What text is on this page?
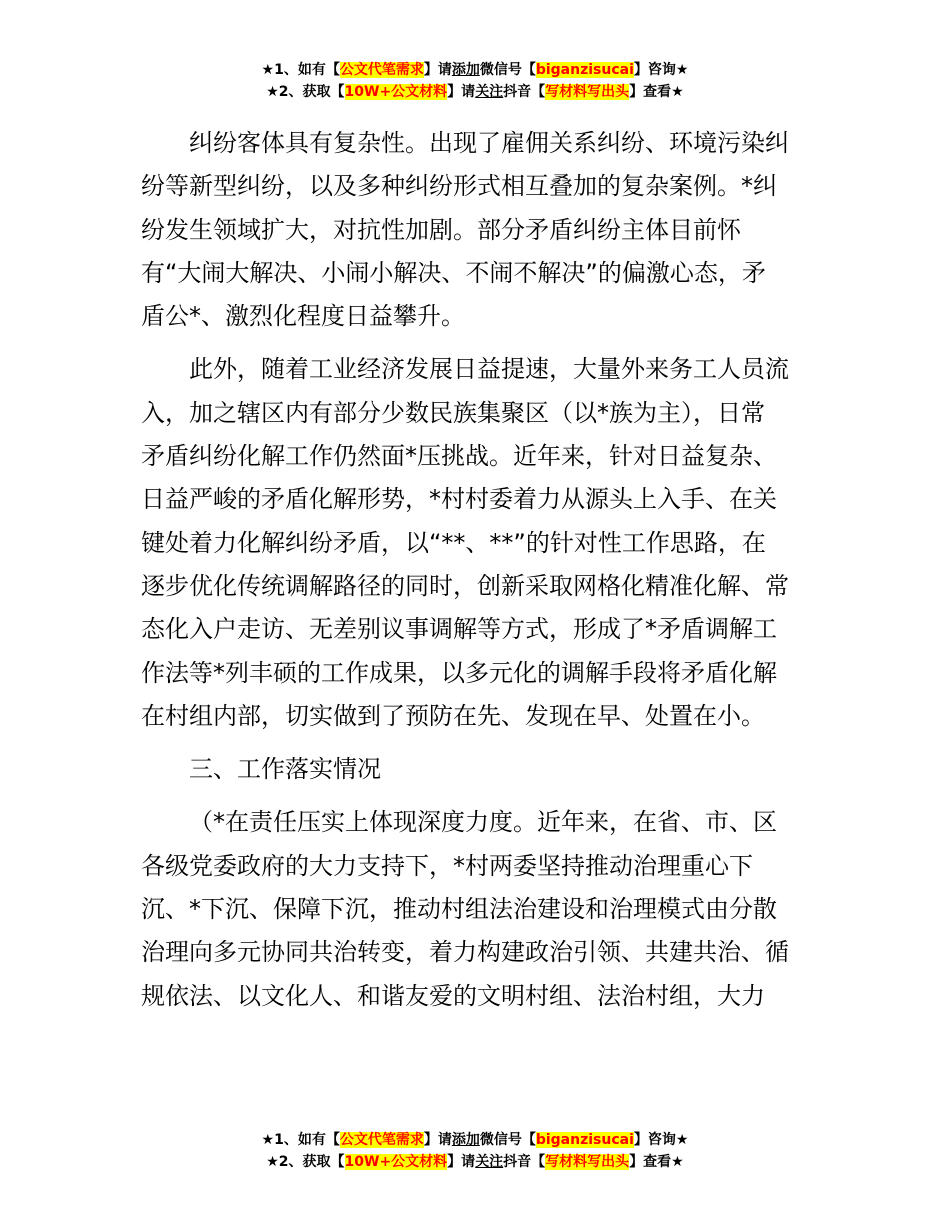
★1、如有【公文代笔需求】请添加微信号【biganzisucai】咨询★
★2、获取【10W+公文材料】请关注抖音【写材料写出头】查看★

纠纷客体具有复杂性。出现了雇佣关系纠纷、环境污染纠

纷等新型纠纷，以及多种纠纷形式相互叠加的复杂案例。*纠

纷发生领域扩大，对抗性加剧。部分矛盾纠纷主体目前怀

有“大闹大解决、小闹小解决、不闹不解决”的偏激心态，矛

盾公*、激烈化程度日益攀升。

此外，随着工业经济发展日益提速，大量外来务工人员流

入，加之辖区内有部分少数民族集聚区（以*族为主），日常

矛盾纠纷化解工作仍然面*压挑战。近年来，针对日益复杂、

日益严峻的矛盾化解形势，*村村委着力从源头上入手、在关

键处着力化解纠纷矛盾，以“**、**”的针对性工作思路，在

逐步优化传统调解路径的同时，创新采取网格化精准化解、常

态化入户走访、无差别议事调解等方式，形成了*矛盾调解工

作法等*列丰硕的工作成果，以多元化的调解手段将矛盾化解

在村组内部，切实做到了预防在先、发现在早、处置在小。

三、工作落实情况

（*在责任压实上体现深度力度。近年来，在省、市、区

各级党委政府的大力支持下，*村两委坚持推动治理重心下

沉、*下沉、保障下沉，推动村组法治建设和治理模式由分散

治理向多元协同共治转变，着力构建政治引领、共建共治、循

规依法、以文化人、和谐友爱的文明村组、法治村组，大力

★1、如有【公文代笔需求】请添加微信号【biganzisucai】咨询★
★2、获取【10W+公文材料】请关注抖音【写材料写出头】查看★
